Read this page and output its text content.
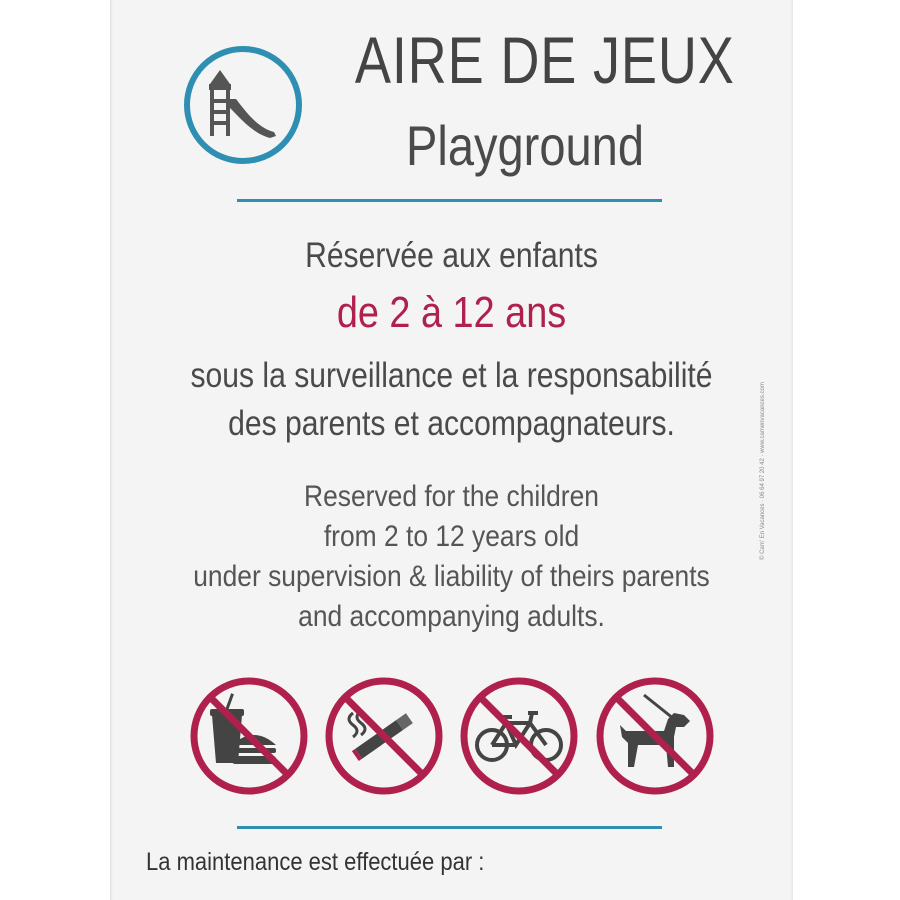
AIRE DE JEUX
Playground
Réservée aux enfants
de 2 à 12 ans
sous la surveillance et la responsabilité
des parents et accompagnateurs.
Reserved for the children
from 2 to 12 years old
under supervision & liability of theirs parents
and accompanying adults.
La maintenance est effectuée par :
© Cam' En Vacances · 06 64 97 20 42 · www.camenvacances.com
